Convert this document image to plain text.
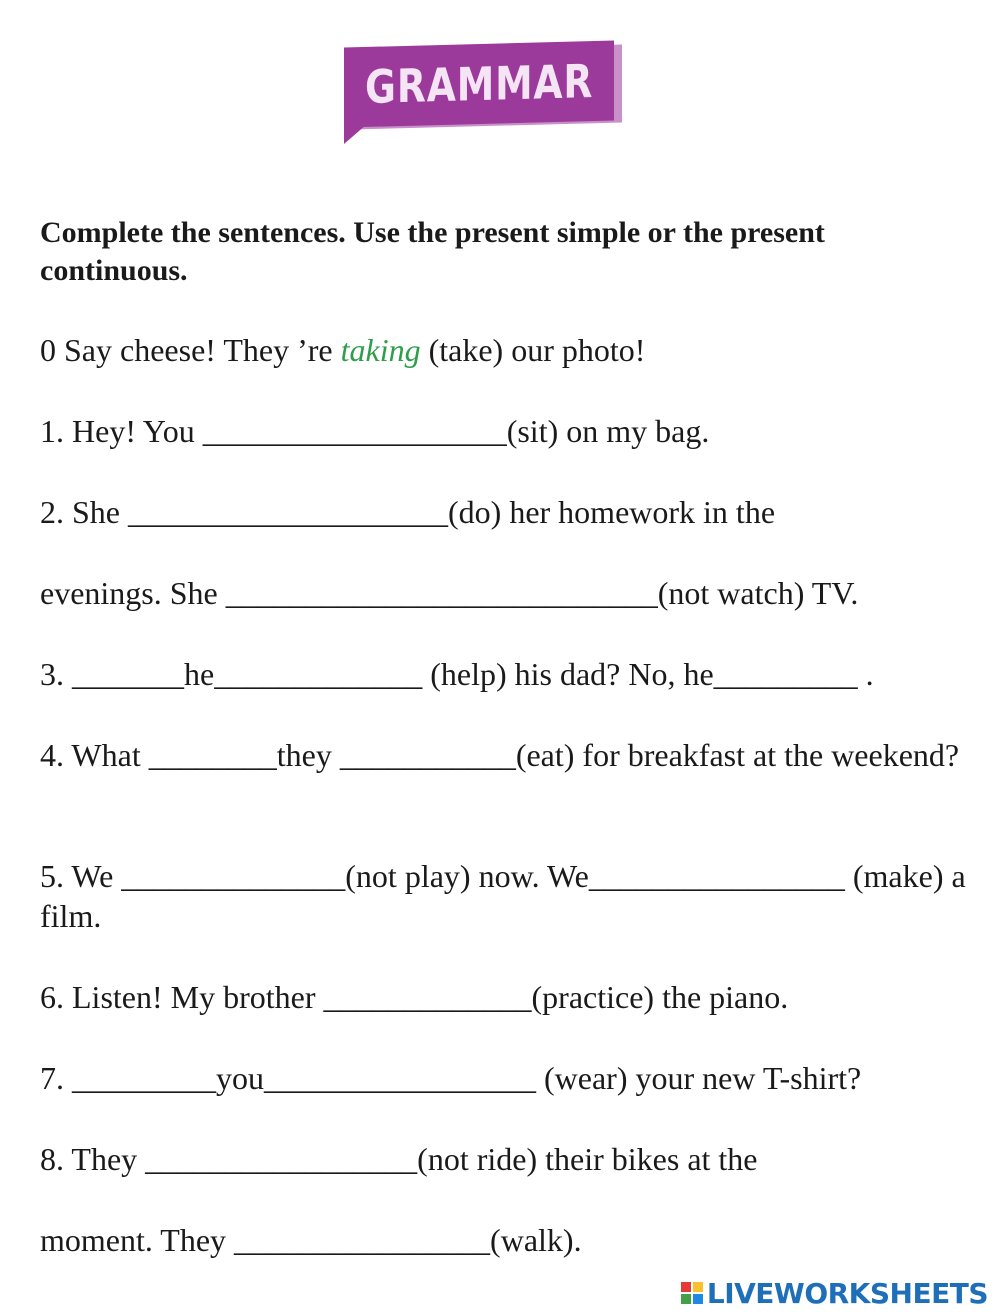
GRAMMAR
Complete the sentences. Use the present simple or the present continuous.
0 Say cheese! They ’re taking (take) our photo!
1. Hey! You ___________________(sit) on my bag.
2. She ____________________(do) her homework in the
evenings. She ___________________________(not watch) TV.
3. _______he_____________ (help) his dad? No, he_________ .
4. What ________they ___________(eat) for breakfast at the weekend?
5. We ______________(not play) now. We________________ (make) a film.
6. Listen! My brother _____________(practice) the piano.
7. _________you_________________ (wear) your new T-shirt?
8. They _________________(not ride) their bikes at the
moment. They ________________(walk).
LIVEWORKSHEETS
